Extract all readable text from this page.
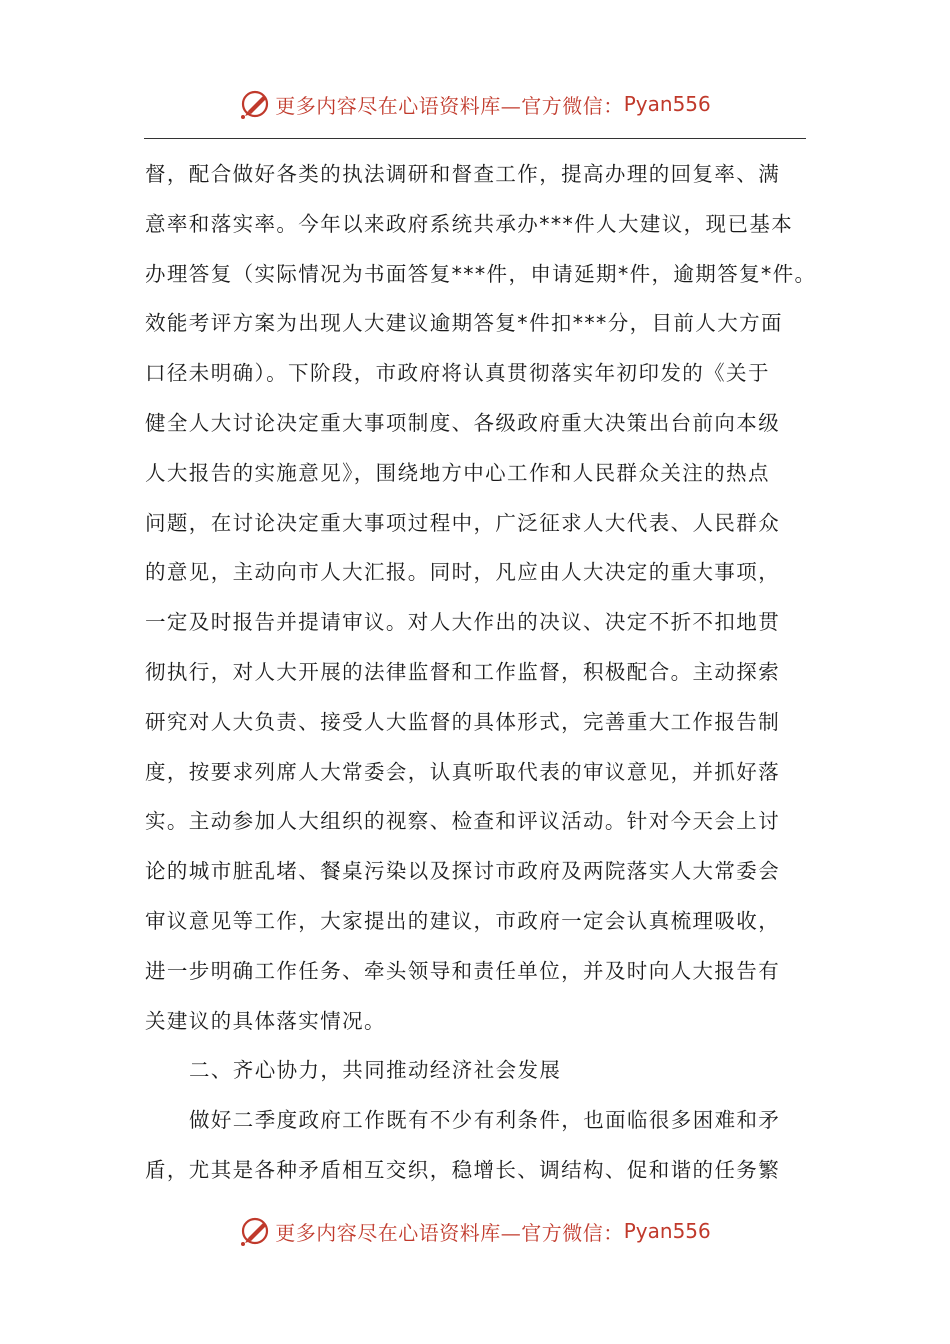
更多内容尽在心语资料库—官方微信： Pyan556
督，配合做好各类的执法调研和督查工作，提高办理的回复率、满
意率和落实率。今年以来政府系统共承办***件人大建议，现已基本
办理答复（实际情况为书面答复***件，申请延期*件，逾期答复*件。
效能考评方案为出现人大建议逾期答复*件扣***分，目前人大方面
口径未明确）。下阶段，市政府将认真贯彻落实年初印发的《关于
健全人大讨论决定重大事项制度、各级政府重大决策出台前向本级
人大报告的实施意见》，围绕地方中心工作和人民群众关注的热点
问题，在讨论决定重大事项过程中，广泛征求人大代表、人民群众
的意见，主动向市人大汇报。同时，凡应由人大决定的重大事项，
一定及时报告并提请审议。对人大作出的决议、决定不折不扣地贯
彻执行，对人大开展的法律监督和工作监督，积极配合。主动探索
研究对人大负责、接受人大监督的具体形式，完善重大工作报告制
度，按要求列席人大常委会，认真听取代表的审议意见，并抓好落
实。主动参加人大组织的视察、检查和评议活动。针对今天会上讨
论的城市脏乱堵、餐桌污染以及探讨市政府及两院落实人大常委会
审议意见等工作，大家提出的建议，市政府一定会认真梳理吸收，
进一步明确工作任务、牵头领导和责任单位，并及时向人大报告有
关建议的具体落实情况。
二、齐心协力，共同推动经济社会发展
做好二季度政府工作既有不少有利条件，也面临很多困难和矛
盾，尤其是各种矛盾相互交织，稳增长、调结构、促和谐的任务繁
更多内容尽在心语资料库—官方微信： Pyan556
